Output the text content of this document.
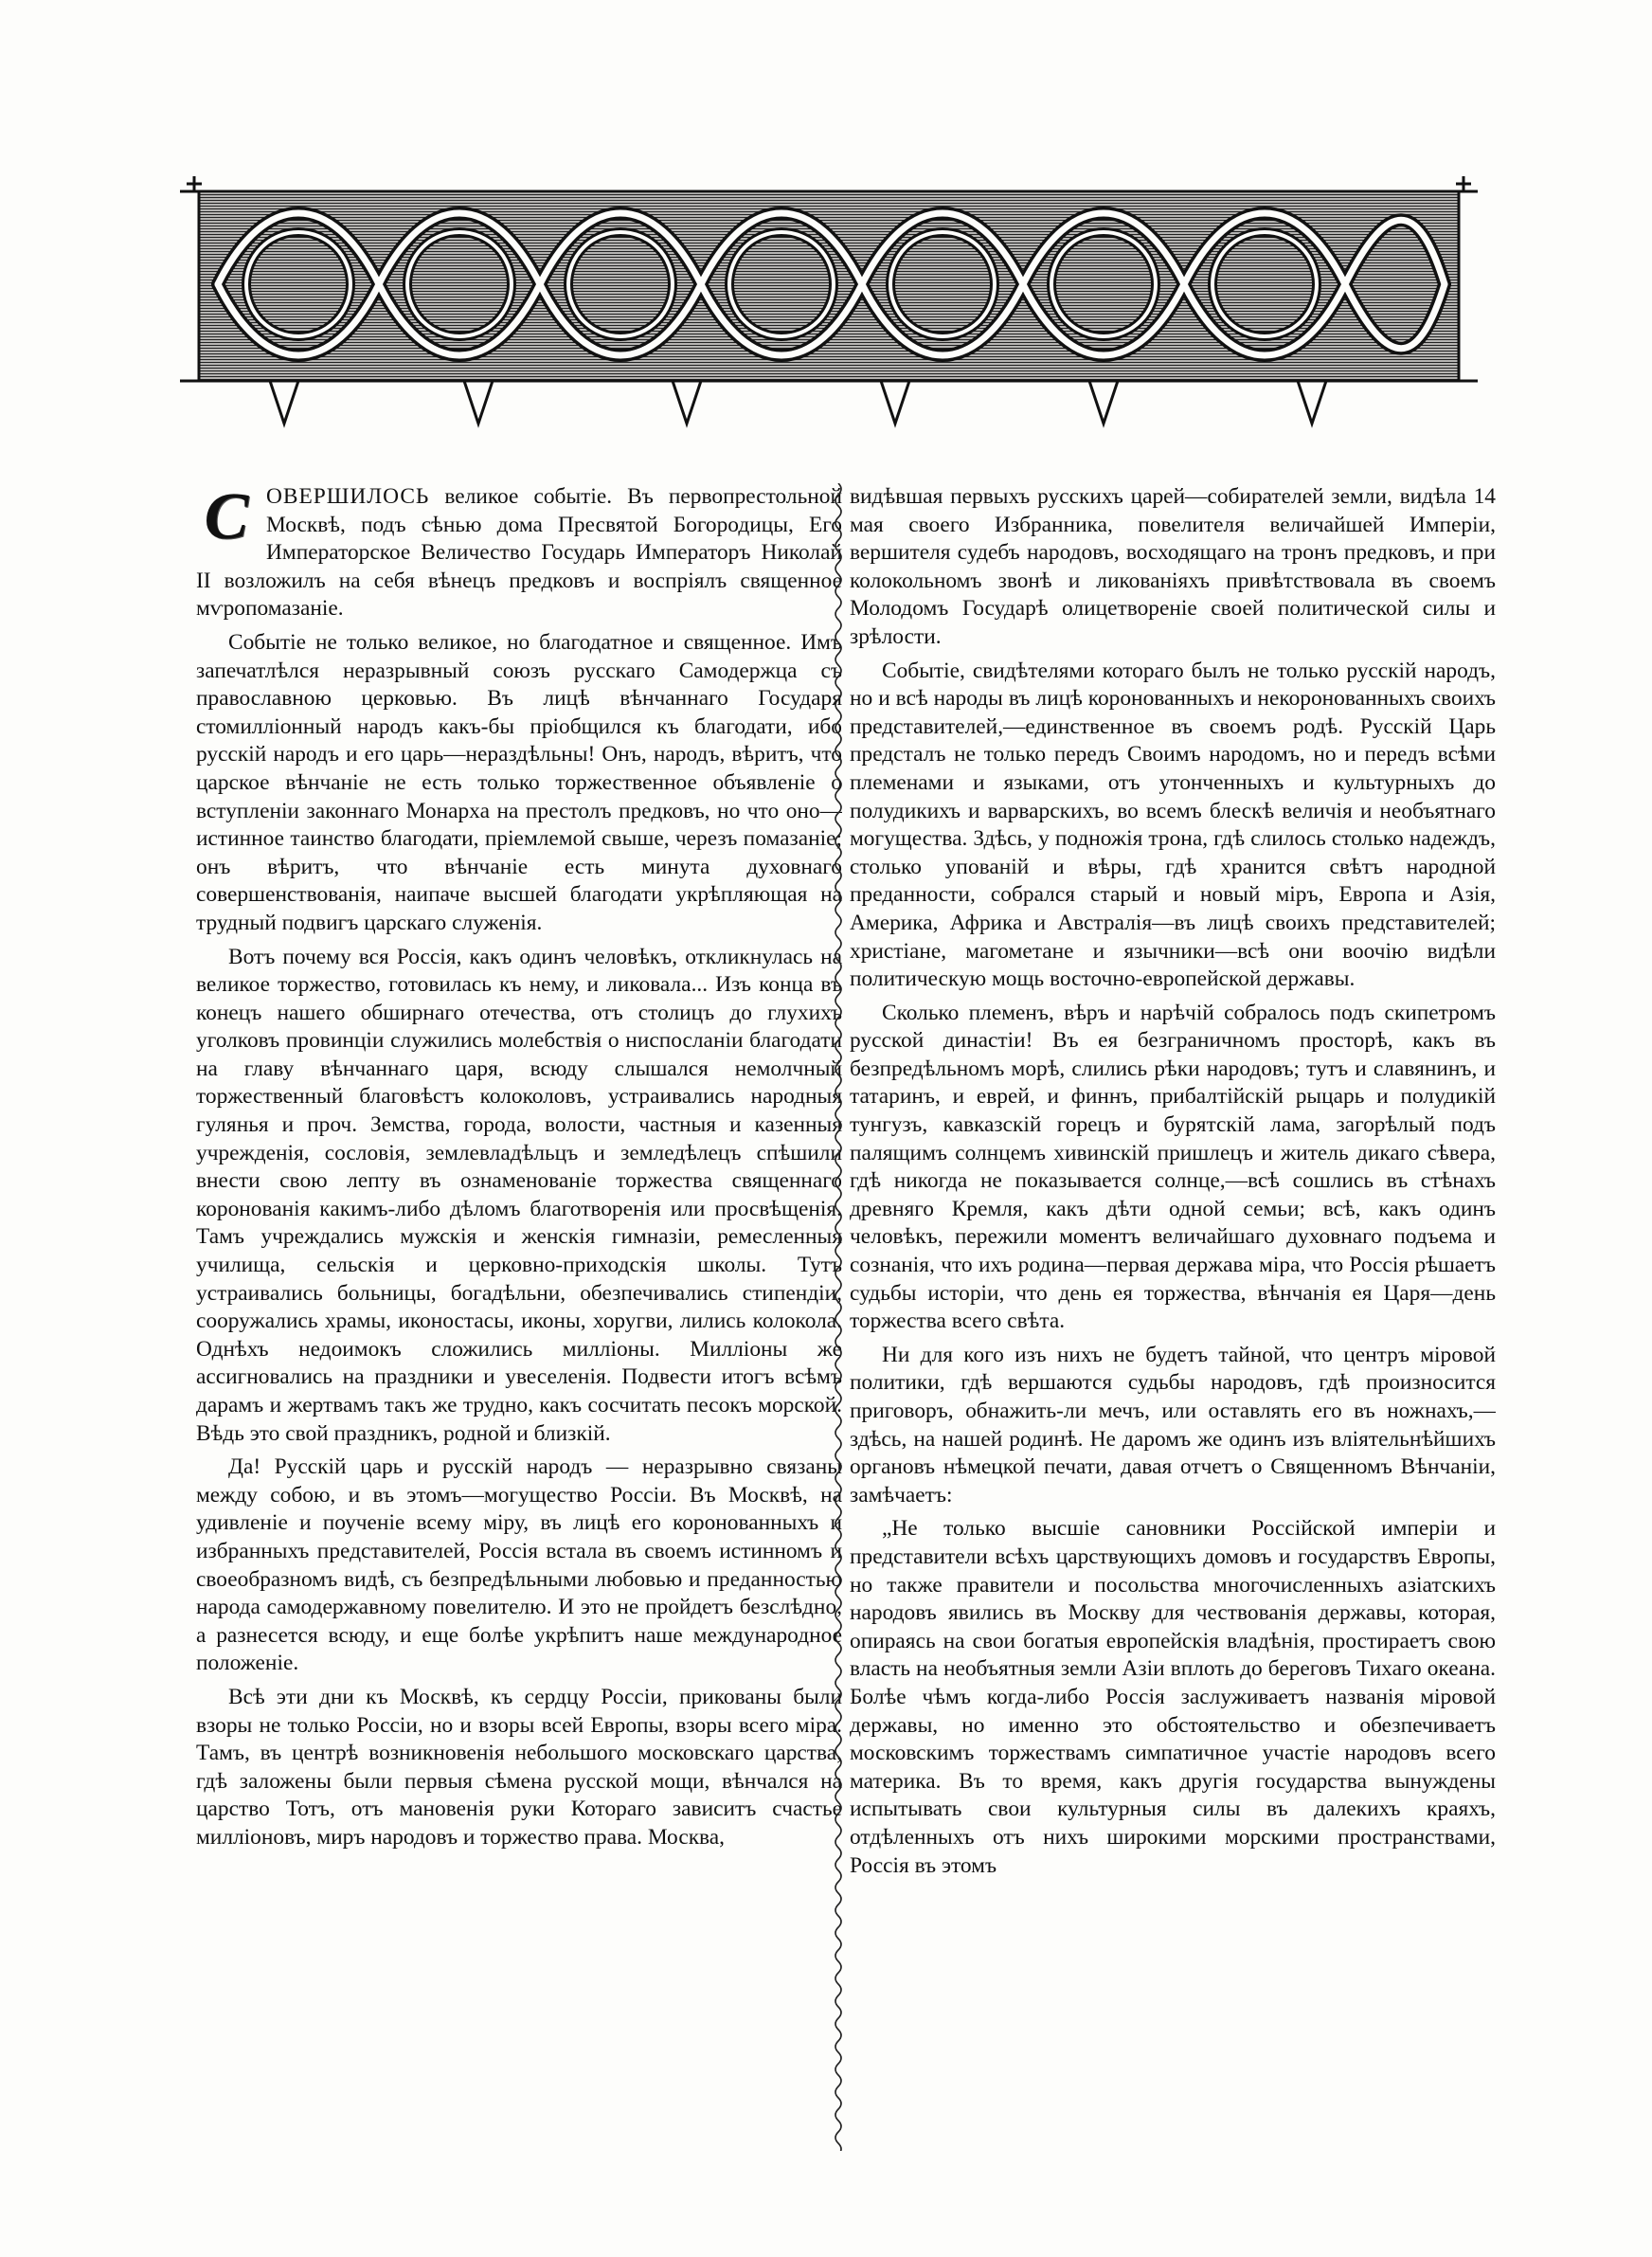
С ОВЕРШИЛОСЬ великое событіе. Въ первопрестольной Москвѣ, подъ сѣнью дома Пресвятой Богородицы, Его Императорское Величество Государь Императоръ Николай II возложилъ на себя вѣнецъ предковъ и воспріялъ священное мѵропомазаніе.

Событіе не только великое, но благодатное и священное. Имъ запечатлѣлся неразрывный союзъ русскаго Самодержца съ православною церковью. Въ лицѣ вѣнчаннаго Государя стомилліонный народъ какъ-бы пріобщился къ благодати, ибо русскій народъ и его царь—нераздѣльны! Онъ, народъ, вѣритъ, что царское вѣнчаніе не есть только торжественное объявленіе о вступленіи законнаго Монарха на престолъ предковъ, но что оно—истинное таинство благодати, пріемлемой свыше, черезъ помазаніе; онъ вѣритъ, что вѣнчаніе есть минута духовнаго совершенствованія, наипаче высшей благодати укрѣпляющая на трудный подвигъ царскаго служенія.

Вотъ почему вся Россія, какъ одинъ человѣкъ, откликнулась на великое торжество, готовилась къ нему, и ликовала... Изъ конца въ конецъ нашего обширнаго отечества, отъ столицъ до глухихъ уголковъ провинціи служились молебствія о ниспосланіи благодати на главу вѣнчаннаго царя, всюду слышался немолчный торжественный благовѣстъ колоколовъ, устраивались народныя гулянья и проч. Земства, города, волости, частныя и казенныя учрежденія, сословія, землевладѣльцъ и земледѣлецъ спѣшили внести свою лепту въ ознаменованіе торжества священнаго коронованія какимъ-либо дѣломъ благотворенія или просвѣщенія. Тамъ учреждались мужскія и женскія гимназіи, ремесленныя училища, сельскія и церковно-приходскія школы. Тутъ устраивались больницы, богадѣльни, обезпечивались стипендіи, сооружались храмы, иконостасы, иконы, хоругви, лились колокола. Однѣхъ недоимокъ сложились милліоны. Милліоны же ассигновались на праздники и увеселенія. Подвести итогъ всѣмъ дарамъ и жертвамъ такъ же трудно, какъ сосчитать песокъ морской. Вѣдь это свой праздникъ, родной и близкій.

Да! Русскій царь и русскій народъ — неразрывно связаны между собою, и въ этомъ—могущество Россіи. Въ Москвѣ, на удивленіе и поученіе всему міру, въ лицѣ его коронованныхъ и избранныхъ представителей, Россія встала въ своемъ истинномъ и своеобразномъ видѣ, съ безпредѣльными любовью и преданностью народа самодержавному повелителю. И это не пройдетъ безслѣдно, а разнесется всюду, и еще болѣе укрѣпитъ наше международное положеніе.

Всѣ эти дни къ Москвѣ, къ сердцу Россіи, прикованы были взоры не только Россіи, но и взоры всей Европы, взоры всего міра. Тамъ, въ центрѣ возникновенія небольшого московскаго царства, гдѣ заложены были первыя сѣмена русской мощи, вѣнчался на царство Тотъ, отъ мановенія руки Котораго зависитъ счастье милліоновъ, миръ народовъ и торжество права. Москва,

видѣвшая первыхъ русскихъ царей—собирателей земли, видѣла 14 мая своего Избранника, повелителя величайшей Имперіи, вершителя судебъ народовъ, восходящаго на тронъ предковъ, и при колокольномъ звонѣ и ликованіяхъ привѣтствовала въ своемъ Молодомъ Государѣ олицетвореніе своей политической силы и зрѣлости.

Событіе, свидѣтелями котораго былъ не только русскій народъ, но и всѣ народы въ лицѣ коронованныхъ и некоронованныхъ своихъ представителей,—единственное въ своемъ родѣ. Русскій Царь предсталъ не только передъ Своимъ народомъ, но и передъ всѣми племенами и языками, отъ утонченныхъ и культурныхъ до полудикихъ и варварскихъ, во всемъ блескѣ величія и необъятнаго могущества. Здѣсь, у подножія трона, гдѣ слилось столько надеждъ, столько упованій и вѣры, гдѣ хранится свѣтъ народной преданности, собрался старый и новый міръ, Европа и Азія, Америка, Африка и Австралія—въ лицѣ своихъ представителей; христіане, магометане и язычники—всѣ они воочію видѣли политическую мощь восточно-европейской державы.

Сколько племенъ, вѣръ и нарѣчій собралось подъ скипетромъ русской династіи! Въ ея безграничномъ просторѣ, какъ въ безпредѣльномъ морѣ, слились рѣки народовъ; тутъ и славянинъ, и татаринъ, и еврей, и финнъ, прибалтійскій рыцарь и полудикій тунгузъ, кавказскій горецъ и бурятскій лама, загорѣлый подъ палящимъ солнцемъ хивинскій пришлецъ и житель дикаго сѣвера, гдѣ никогда не показывается солнце,—всѣ сошлись въ стѣнахъ древняго Кремля, какъ дѣти одной семьи; всѣ, какъ одинъ человѣкъ, пережили моментъ величайшаго духовнаго подъема и сознанія, что ихъ родина—первая держава міра, что Россія рѣшаетъ судьбы исторіи, что день ея торжества, вѣнчанія ея Царя—день торжества всего свѣта.

Ни для кого изъ нихъ не будетъ тайной, что центръ міровой политики, гдѣ вершаются судьбы народовъ, гдѣ произносится приговоръ, обнажить-ли мечъ, или оставлять его въ ножнахъ,—здѣсь, на нашей родинѣ. Не даромъ же одинъ изъ вліятельнѣйшихъ органовъ нѣмецкой печати, давая отчетъ о Священномъ Вѣнчаніи, замѣчаетъ:

„Не только высшіе сановники Россійской имперіи и представители всѣхъ царствующихъ домовъ и государствъ Европы, но также правители и посольства многочисленныхъ азіатскихъ народовъ явились въ Москву для чествованія державы, которая, опираясь на свои богатыя европейскія владѣнія, простираетъ свою власть на необъятныя земли Азіи вплоть до береговъ Тихаго океана. Болѣе чѣмъ когда-либо Россія заслуживаетъ названія міровой державы, но именно это обстоятельство и обезпечиваетъ московскимъ торжествамъ симпатичное участіе народовъ всего материка. Въ то время, какъ другія государства вынуждены испытывать свои культурныя силы въ далекихъ краяхъ, отдѣленныхъ отъ нихъ широкими морскими пространствами, Россія въ этомъ
